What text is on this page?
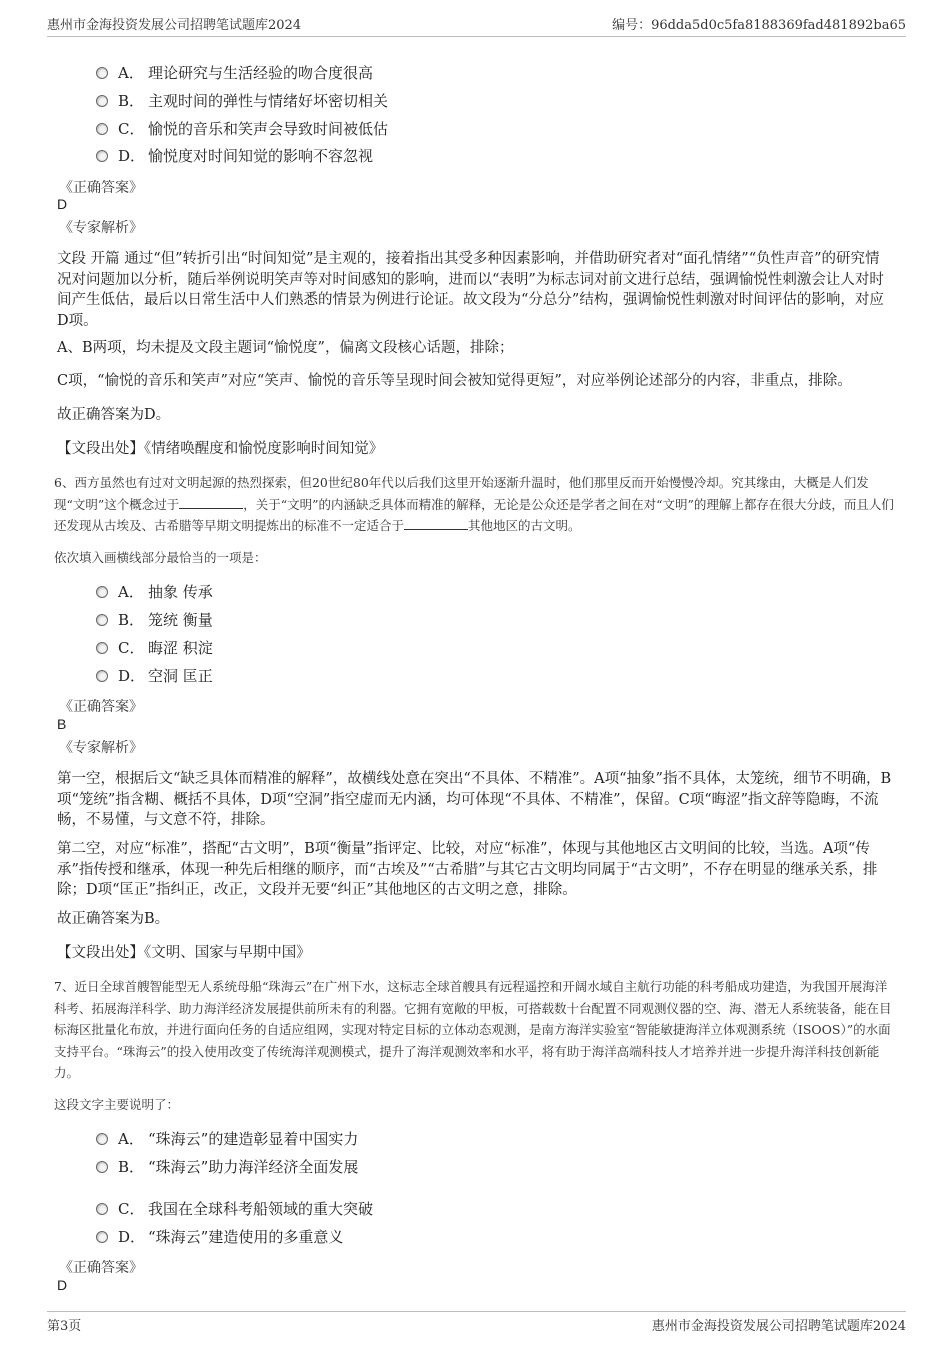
惠州市金海投资发展公司招聘笔试题库2024	编号：96dda5d0c5fa8188369fad481892ba65
A． 理论研究与生活经验的吻合度很高
B． 主观时间的弹性与情绪好坏密切相关
C． 愉悦的音乐和笑声会导致时间被低估
D． 愉悦度对时间知觉的影响不容忽视
《正确答案》
D
《专家解析》
文段 开篇 通过“但”转折引出“时间知觉”是主观的，接着指出其受多种因素影响，并借助研究者对“面孔情绪”“负性声音”的研究情况对问题加以分析，随后举例说明笑声等对时间感知的影响，进而以“表明”为标志词对前文进行总结，强调愉悦性刺激会让人对时间产生低估，最后以日常生活中人们熟悉的情景为例进行论证。故文段为“分总分”结构，强调愉悦性刺激对时间评估的影响，对应D项。
A、B两项，均未提及文段主题词“愉悦度”，偏离文段核心话题，排除；
C项，“愉悦的音乐和笑声”对应“笑声、愉悦的音乐等呈现时间会被知觉得更短”，对应举例论述部分的内容，非重点，排除。
故正确答案为D。
【文段出处】《情绪唤醒度和愉悦度影响时间知觉》
6、西方虽然也有过对文明起源的热烈探索，但20世纪80年代以后我们这里开始逐渐升温时，他们那里反而开始慢慢冷却。究其缘由，大概是人们发现“文明”这个概念过于	，关于“文明”的内涵缺乏具体而精准的解释，无论是公众还是学者之间在对“文明”的理解上都存在很大分歧，而且人们还发现从古埃及、古希腊等早期文明提炼出的标准不一定适合于	其他地区的古文明。
依次填入画横线部分最恰当的一项是：
A． 抽象 传承
B． 笼统 衡量
C． 晦涩 积淀
D． 空洞 匡正
《正确答案》
B
《专家解析》
第一空，根据后文“缺乏具体而精准的解释”，故横线处意在突出“不具体、不精准”。A项“抽象”指不具体，太笼统，细节不明确，B项“笼统”指含糊、概括不具体，D项“空洞”指空虚而无内涵，均可体现“不具体、不精准”，保留。C项“晦涩”指文辞等隐晦，不流畅，不易懂，与文意不符，排除。
第二空，对应“标准”，搭配“古文明”，B项“衡量”指评定、比较，对应“标准”，体现与其他地区古文明间的比较，当选。A项“传承”指传授和继承，体现一种先后相继的顺序，而“古埃及”“古希腊”与其它古文明均同属于“古文明”，不存在明显的继承关系，排除；D项“匡正”指纠正，改正，文段并无要“纠正”其他地区的古文明之意，排除。
故正确答案为B。
【文段出处】《文明、国家与早期中国》
7、近日全球首艘智能型无人系统母船“珠海云”在广州下水，这标志全球首艘具有远程遥控和开阔水域自主航行功能的科考船成功建造，为我国开展海洋科考、拓展海洋科学、助力海洋经济发展提供前所未有的利器。它拥有宽敞的甲板，可搭载数十台配置不同观测仪器的空、海、潜无人系统装备，能在目标海区批量化布放，并进行面向任务的自适应组网，实现对特定目标的立体动态观测，是南方海洋实验室“智能敏捷海洋立体观测系统（ISOOS）”的水面支持平台。“珠海云”的投入使用改变了传统海洋观测模式，提升了海洋观测效率和水平，将有助于海洋高端科技人才培养并进一步提升海洋科技创新能力。
这段文字主要说明了：
A． “珠海云”的建造彰显着中国实力
B． “珠海云”助力海洋经济全面发展
C． 我国在全球科考船领域的重大突破
D． “珠海云”建造使用的多重意义
《正确答案》
D
第3页	惠州市金海投资发展公司招聘笔试题库2024
